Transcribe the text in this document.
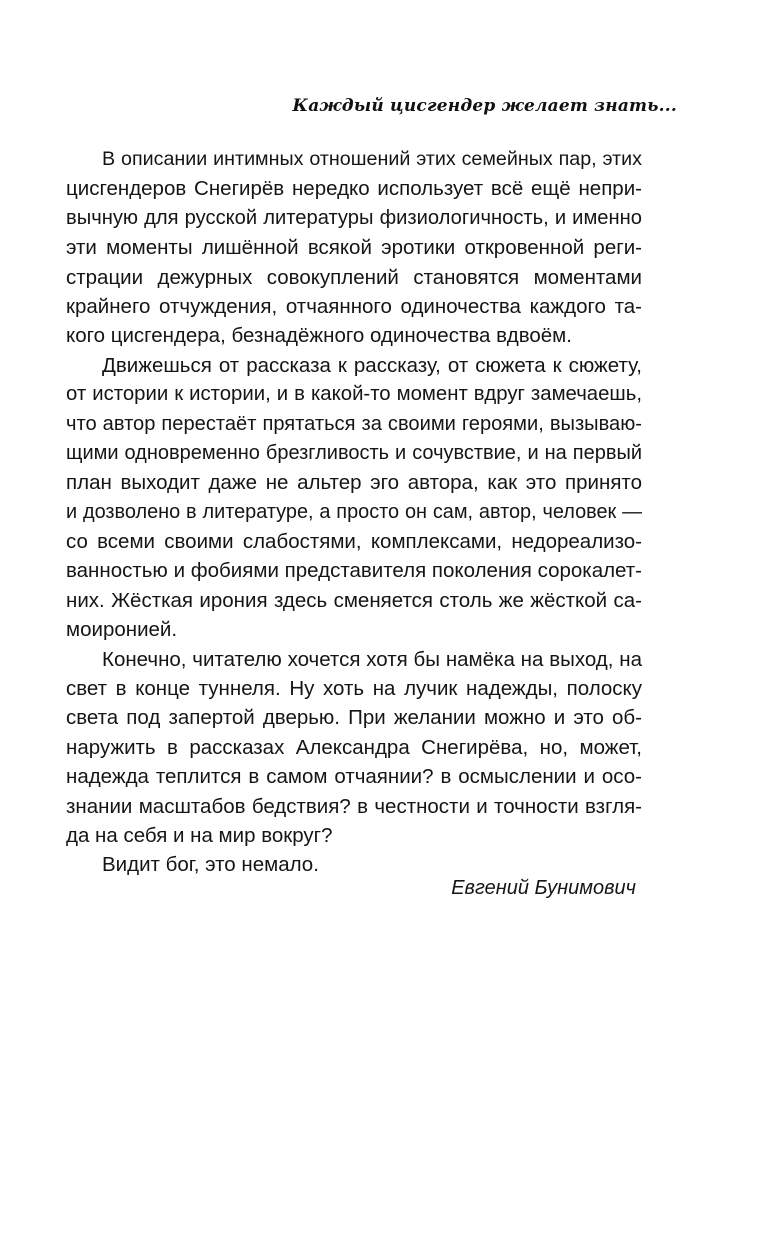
Каждый цисгендер желает знать...
В описании интимных отношений этих семейных пар, этих
цисгендеров Снегирёв нередко использует всё ещё непри-
вычную для русской литературы физиологичность, и именно
эти моменты лишённой всякой эротики откровенной реги-
страции дежурных совокуплений становятся моментами
крайнего отчуждения, отчаянного одиночества каждого та-
кого цисгендера, безнадёжного одиночества вдвоём.
Движешься от рассказа к рассказу, от сюжета к сюжету,
от истории к истории, и в какой-то момент вдруг замечаешь,
что автор перестаёт прятаться за своими героями, вызываю-
щими одновременно брезгливость и сочувствие, и на первый
план выходит даже не альтер эго автора, как это принято
и дозволено в литературе, а просто он сам, автор, человек —
со всеми своими слабостями, комплексами, недореализо-
ванностью и фобиями представителя поколения сорокалет-
них. Жёсткая ирония здесь сменяется столь же жёсткой са-
моиронией.
Конечно, читателю хочется хотя бы намёка на выход, на
свет в конце туннеля. Ну хоть на лучик надежды, полоску
света под запертой дверью. При желании можно и это об-
наружить в рассказах Александра Снегирёва, но, может,
надежда теплится в самом отчаянии? в осмыслении и осо-
знании масштабов бедствия? в честности и точности взгля-
да на себя и на мир вокруг?
Видит бог, это немало.
Евгений Бунимович
